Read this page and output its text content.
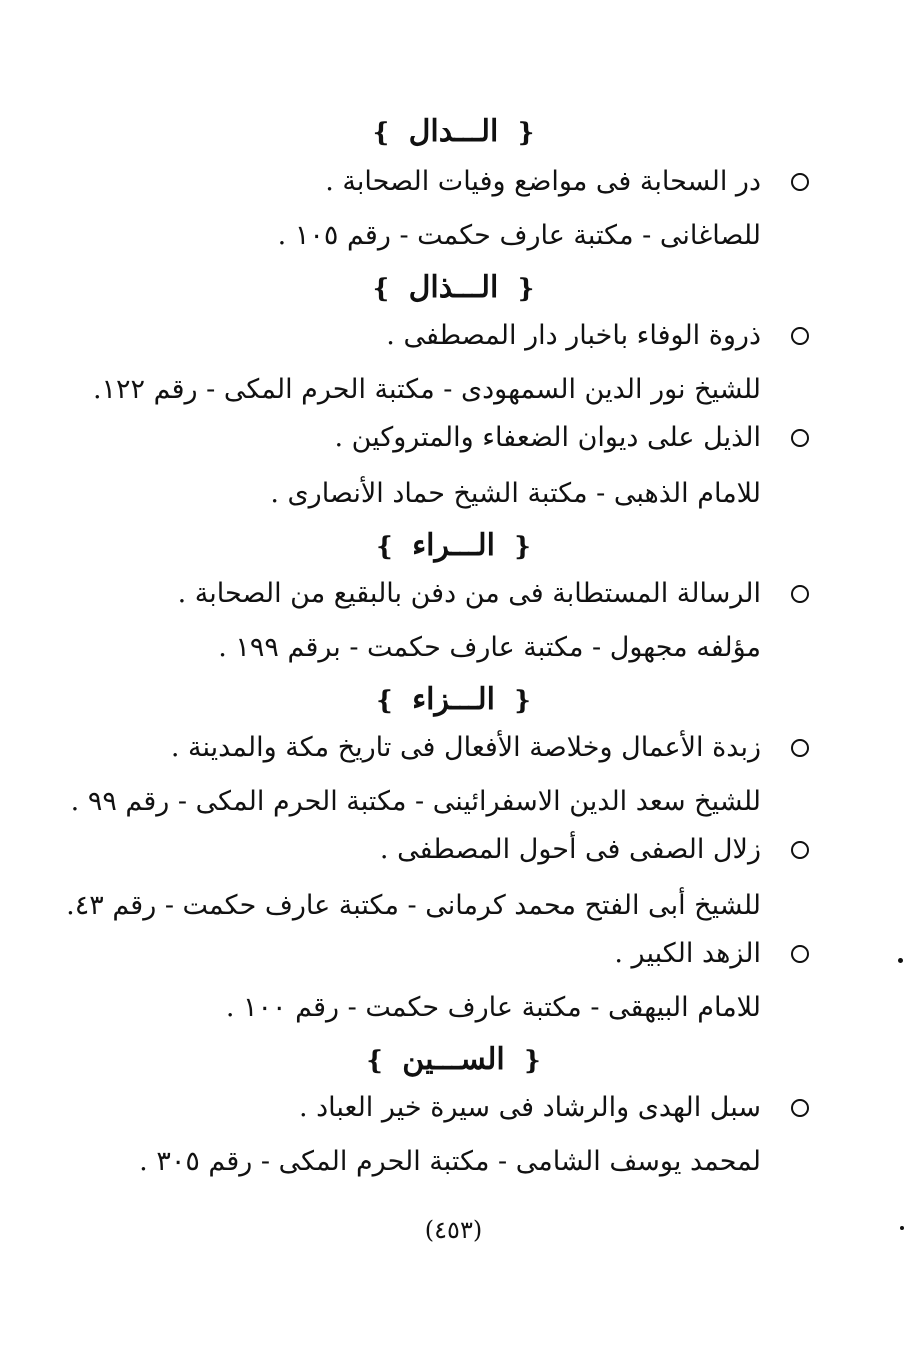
❴ الـــدال ❵
در السحابة فى مواضع وفيات الصحابة .
للصاغانى - مكتبة عارف حكمت - رقم ١٠٥ .
❴ الـــذال ❵
ذروة الوفاء باخبار دار المصطفى .
للشيخ نور الدين السمهودى - مكتبة الحرم المكى - رقم ١٢٢.
الذيل على ديوان الضعفاء والمتروكين .
للامام الذهبى - مكتبة الشيخ حماد الأنصارى .
❴ الـــراء ❵
الرسالة المستطابة فى من دفن بالبقيع من الصحابة .
مؤلفه مجهول - مكتبة عارف حكمت - برقم ١٩٩ .
❴ الـــزاء ❵
زبدة الأعمال وخلاصة الأفعال فى تاريخ مكة والمدينة .
للشيخ سعد الدين الاسفرائينى - مكتبة الحرم المكى - رقم ٩٩ .
زلال الصفى فى أحول المصطفى .
للشيخ أبى الفتح محمد كرمانى - مكتبة عارف حكمت - رقم ٤٣.
الزهد الكبير .
للامام البيهقى - مكتبة عارف حكمت - رقم ١٠٠ .
❴ الســـين ❵
سبل الهدى والرشاد فى سيرة خير العباد .
لمحمد يوسف الشامى - مكتبة الحرم المكى - رقم ٣٠٥ .
(٤٥٣)
